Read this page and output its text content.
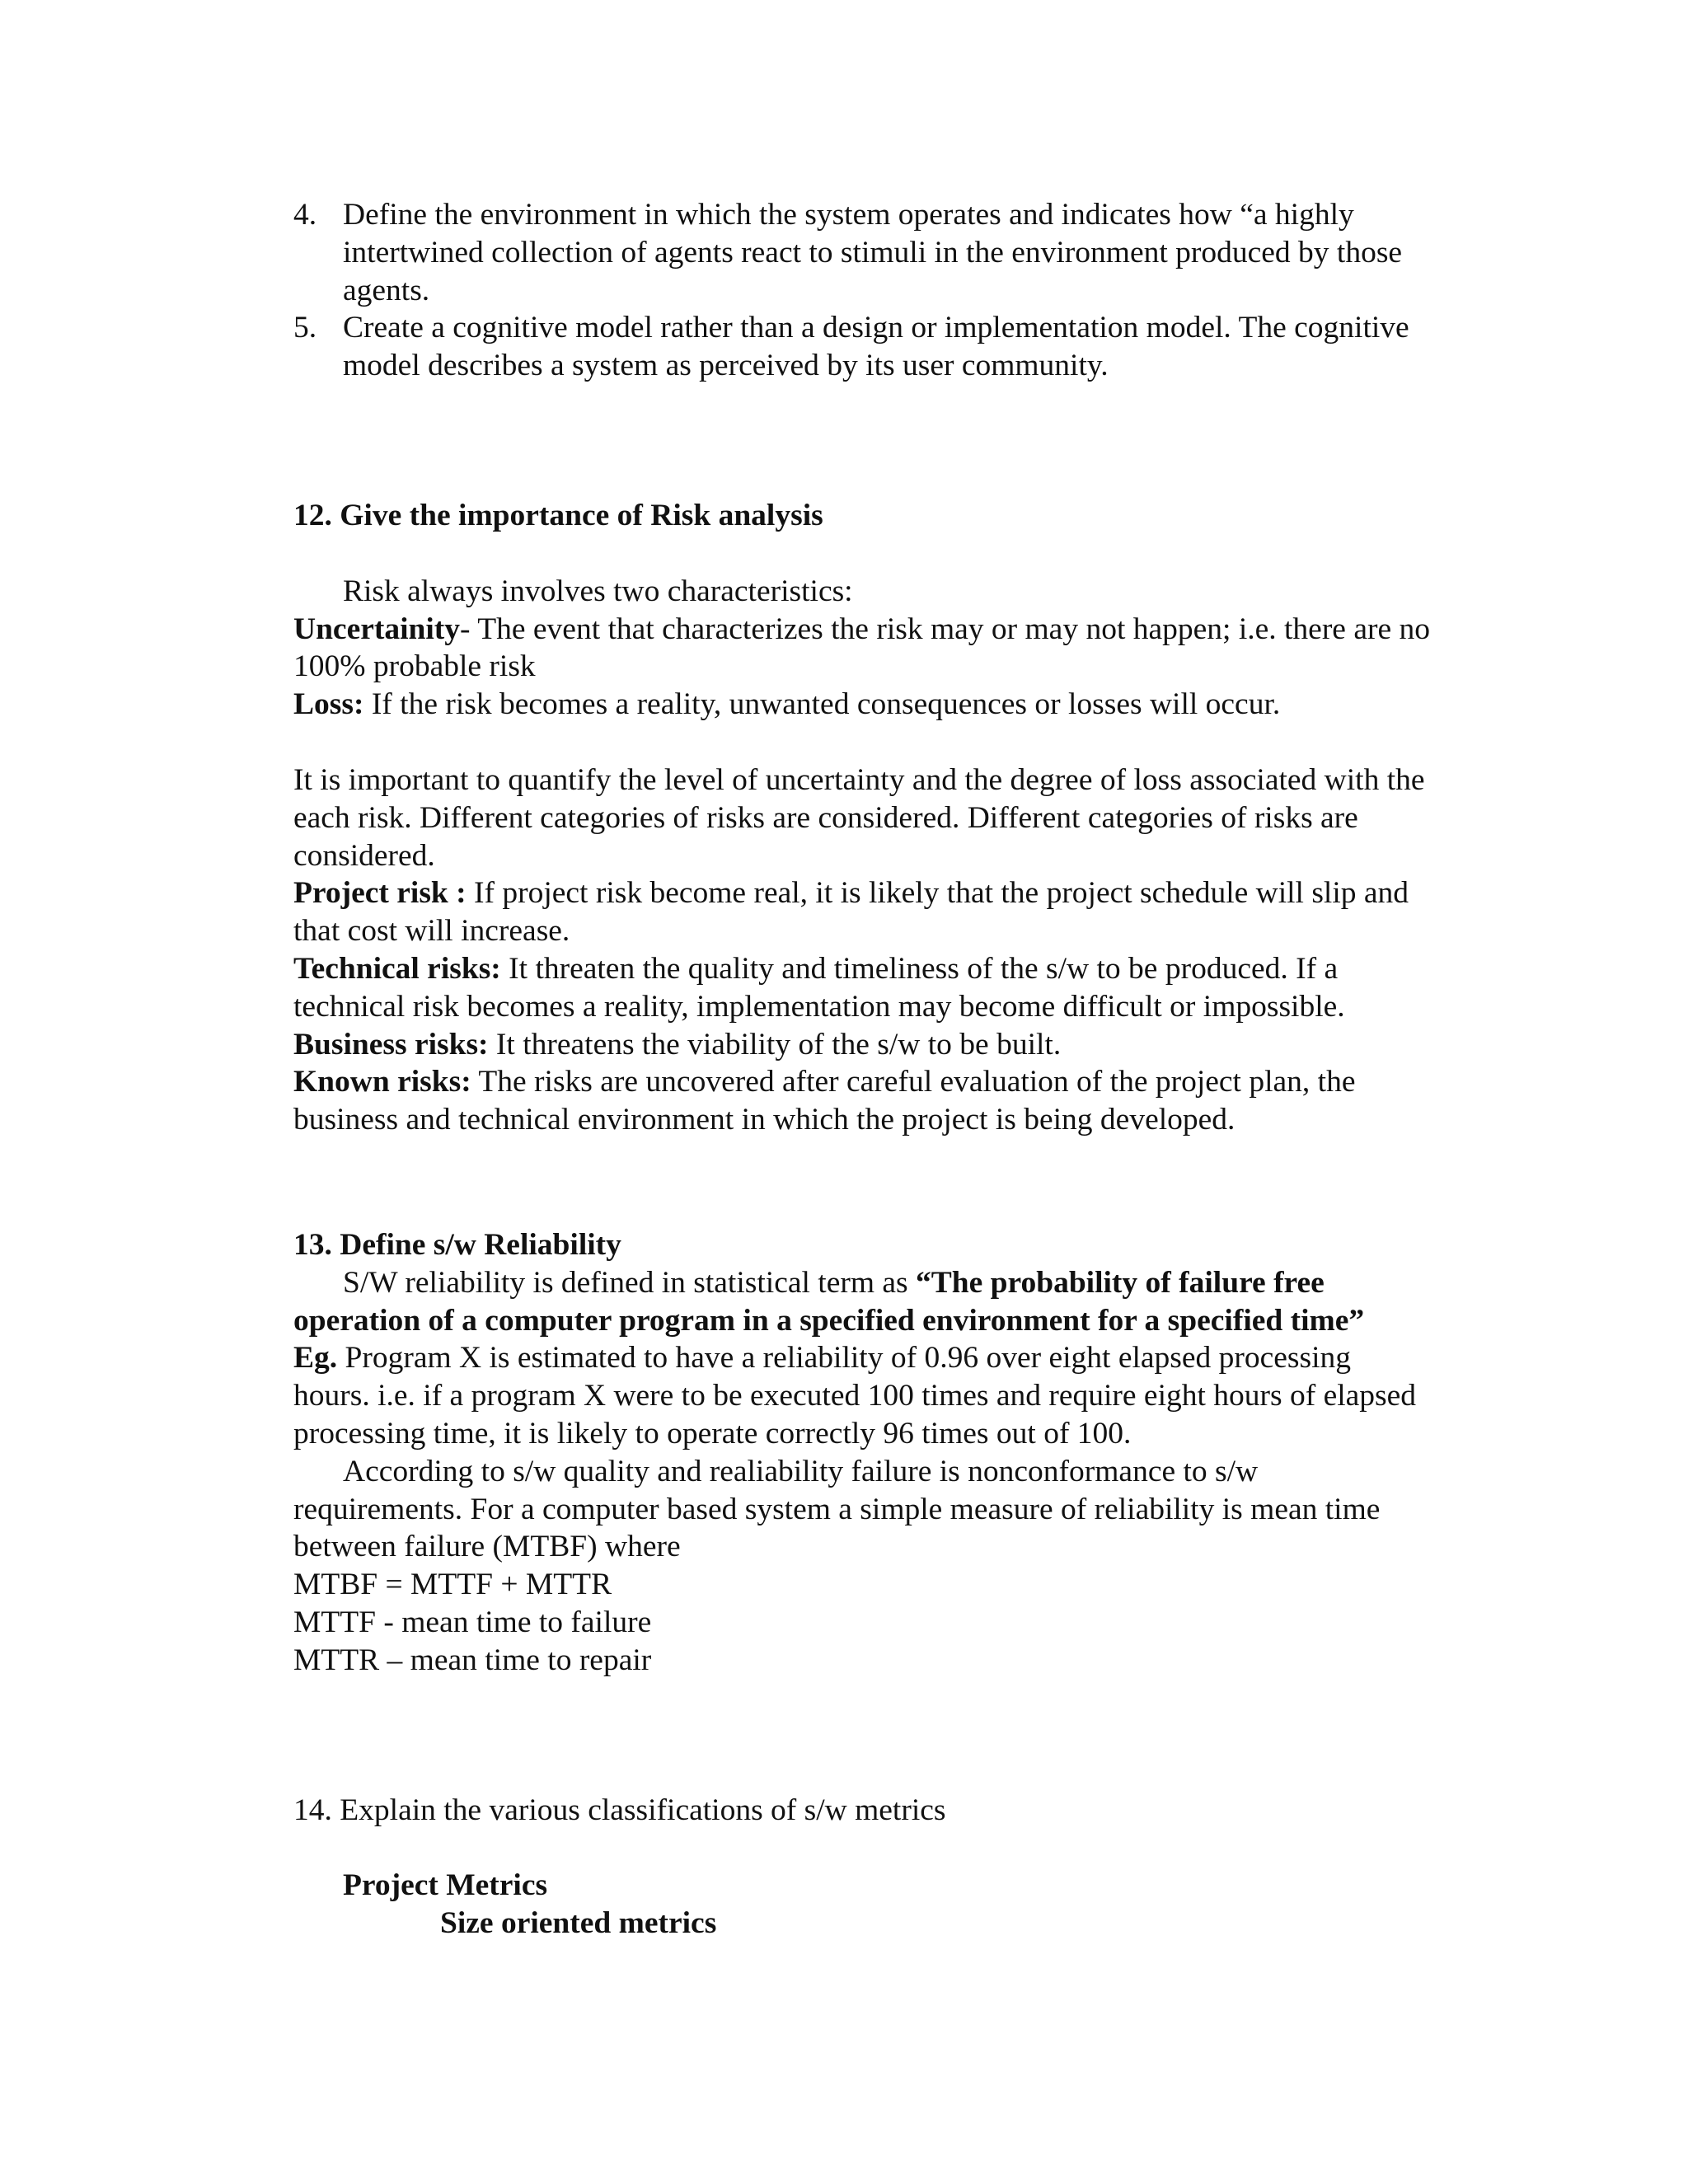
4. Define the environment in which the system operates and indicates how “a highly intertwined collection of agents react to stimuli in the environment produced by those agents.

5. Create a cognitive model rather than a design or implementation model. The cognitive model describes a system as perceived by its user community.

12. Give the importance of Risk analysis

Risk always involves two characteristics:

Uncertainity- The event that characterizes the risk may or may not happen; i.e. there are no 100% probable risk

Loss: If the risk becomes a reality, unwanted consequences or losses will occur.

It is important to quantify the level of uncertainty and the degree of loss associated with the each risk. Different categories of risks are considered. Different categories of risks are considered.

Project risk : If project risk become real, it is likely that the project schedule will slip and that cost will increase.

Technical risks: It threaten the quality and timeliness of the s/w to be produced. If a technical risk becomes a reality, implementation may become difficult or impossible.

Business risks: It threatens the viability of the s/w to be built.

Known risks: The risks are uncovered after careful evaluation of the project plan, the business and technical environment in which the project is being developed.

13. Define s/w Reliability

S/W reliability is defined in statistical term as “The probability of failure free operation of a computer program in a specified environment for a specified time”

Eg. Program X is estimated to have a reliability of 0.96 over eight elapsed processing hours. i.e. if a program X were to be executed 100 times and require eight hours of elapsed processing time, it is likely to operate correctly 96 times out of 100.

According to s/w quality and realiability failure is nonconformance to s/w requirements. For a computer based system a simple measure of reliability is mean time between failure (MTBF) where

MTBF = MTTF + MTTR

MTTF - mean time to failure

MTTR – mean time to repair

14. Explain the various classifications of s/w metrics

Project Metrics

Size oriented metrics
